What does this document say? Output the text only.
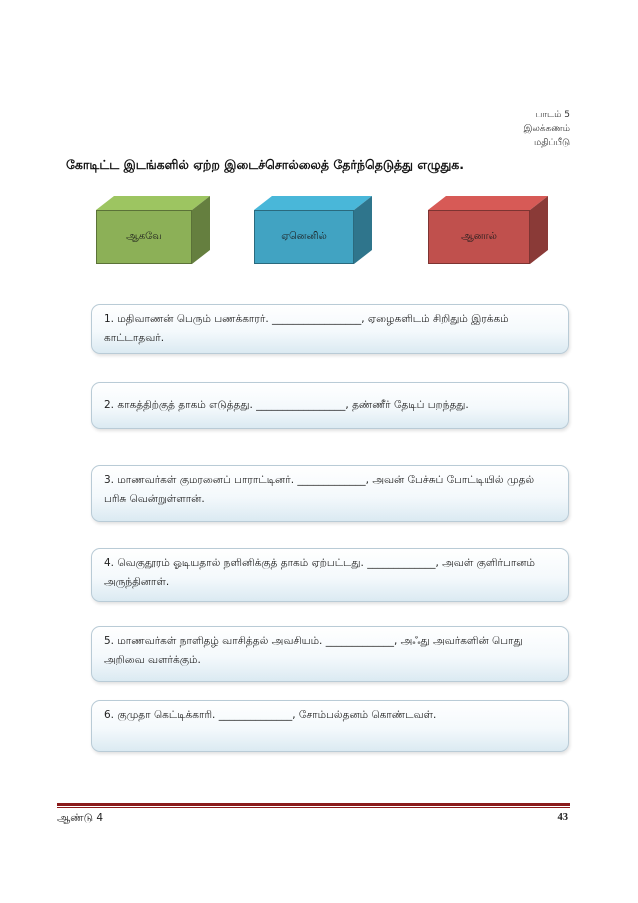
பாடம் 5
இலக்கணம்
மதிப்பீடு
கோடிட்ட இடங்களில் ஏற்ற இடைச்சொல்லைத் தேர்ந்தெடுத்து எழுதுக.
ஆகவே	ஏனெனில்	ஆனால்
1. மதிவாணன் பெரும் பணக்காரர். _________________, ஏழைகளிடம் சிறிதும் இரக்கம் காட்டாதவர்.
2. காகத்திற்குத் தாகம் எடுத்தது. _________________, தண்ணீர் தேடிப் பறந்தது.
3. மாணவர்கள் குமரனைப் பாராட்டினர். _____________, அவன் பேச்சுப் போட்டியில் முதல் பரிசு வென்றுள்ளான்.
4. வெகுதூரம் ஓடியதால் நளினிக்குத் தாகம் ஏற்பட்டது. _____________, அவள் குளிர்பானம் அருந்தினாள்.
5. மாணவர்கள் நாளிதழ் வாசித்தல் அவசியம். _____________, அஃது அவர்களின் பொது அறிவை வளர்க்கும்.
6. குமுதா கெட்டிக்காரி. ______________, சோம்பல்தனம் கொண்டவள்.
ஆண்டு 4	43
